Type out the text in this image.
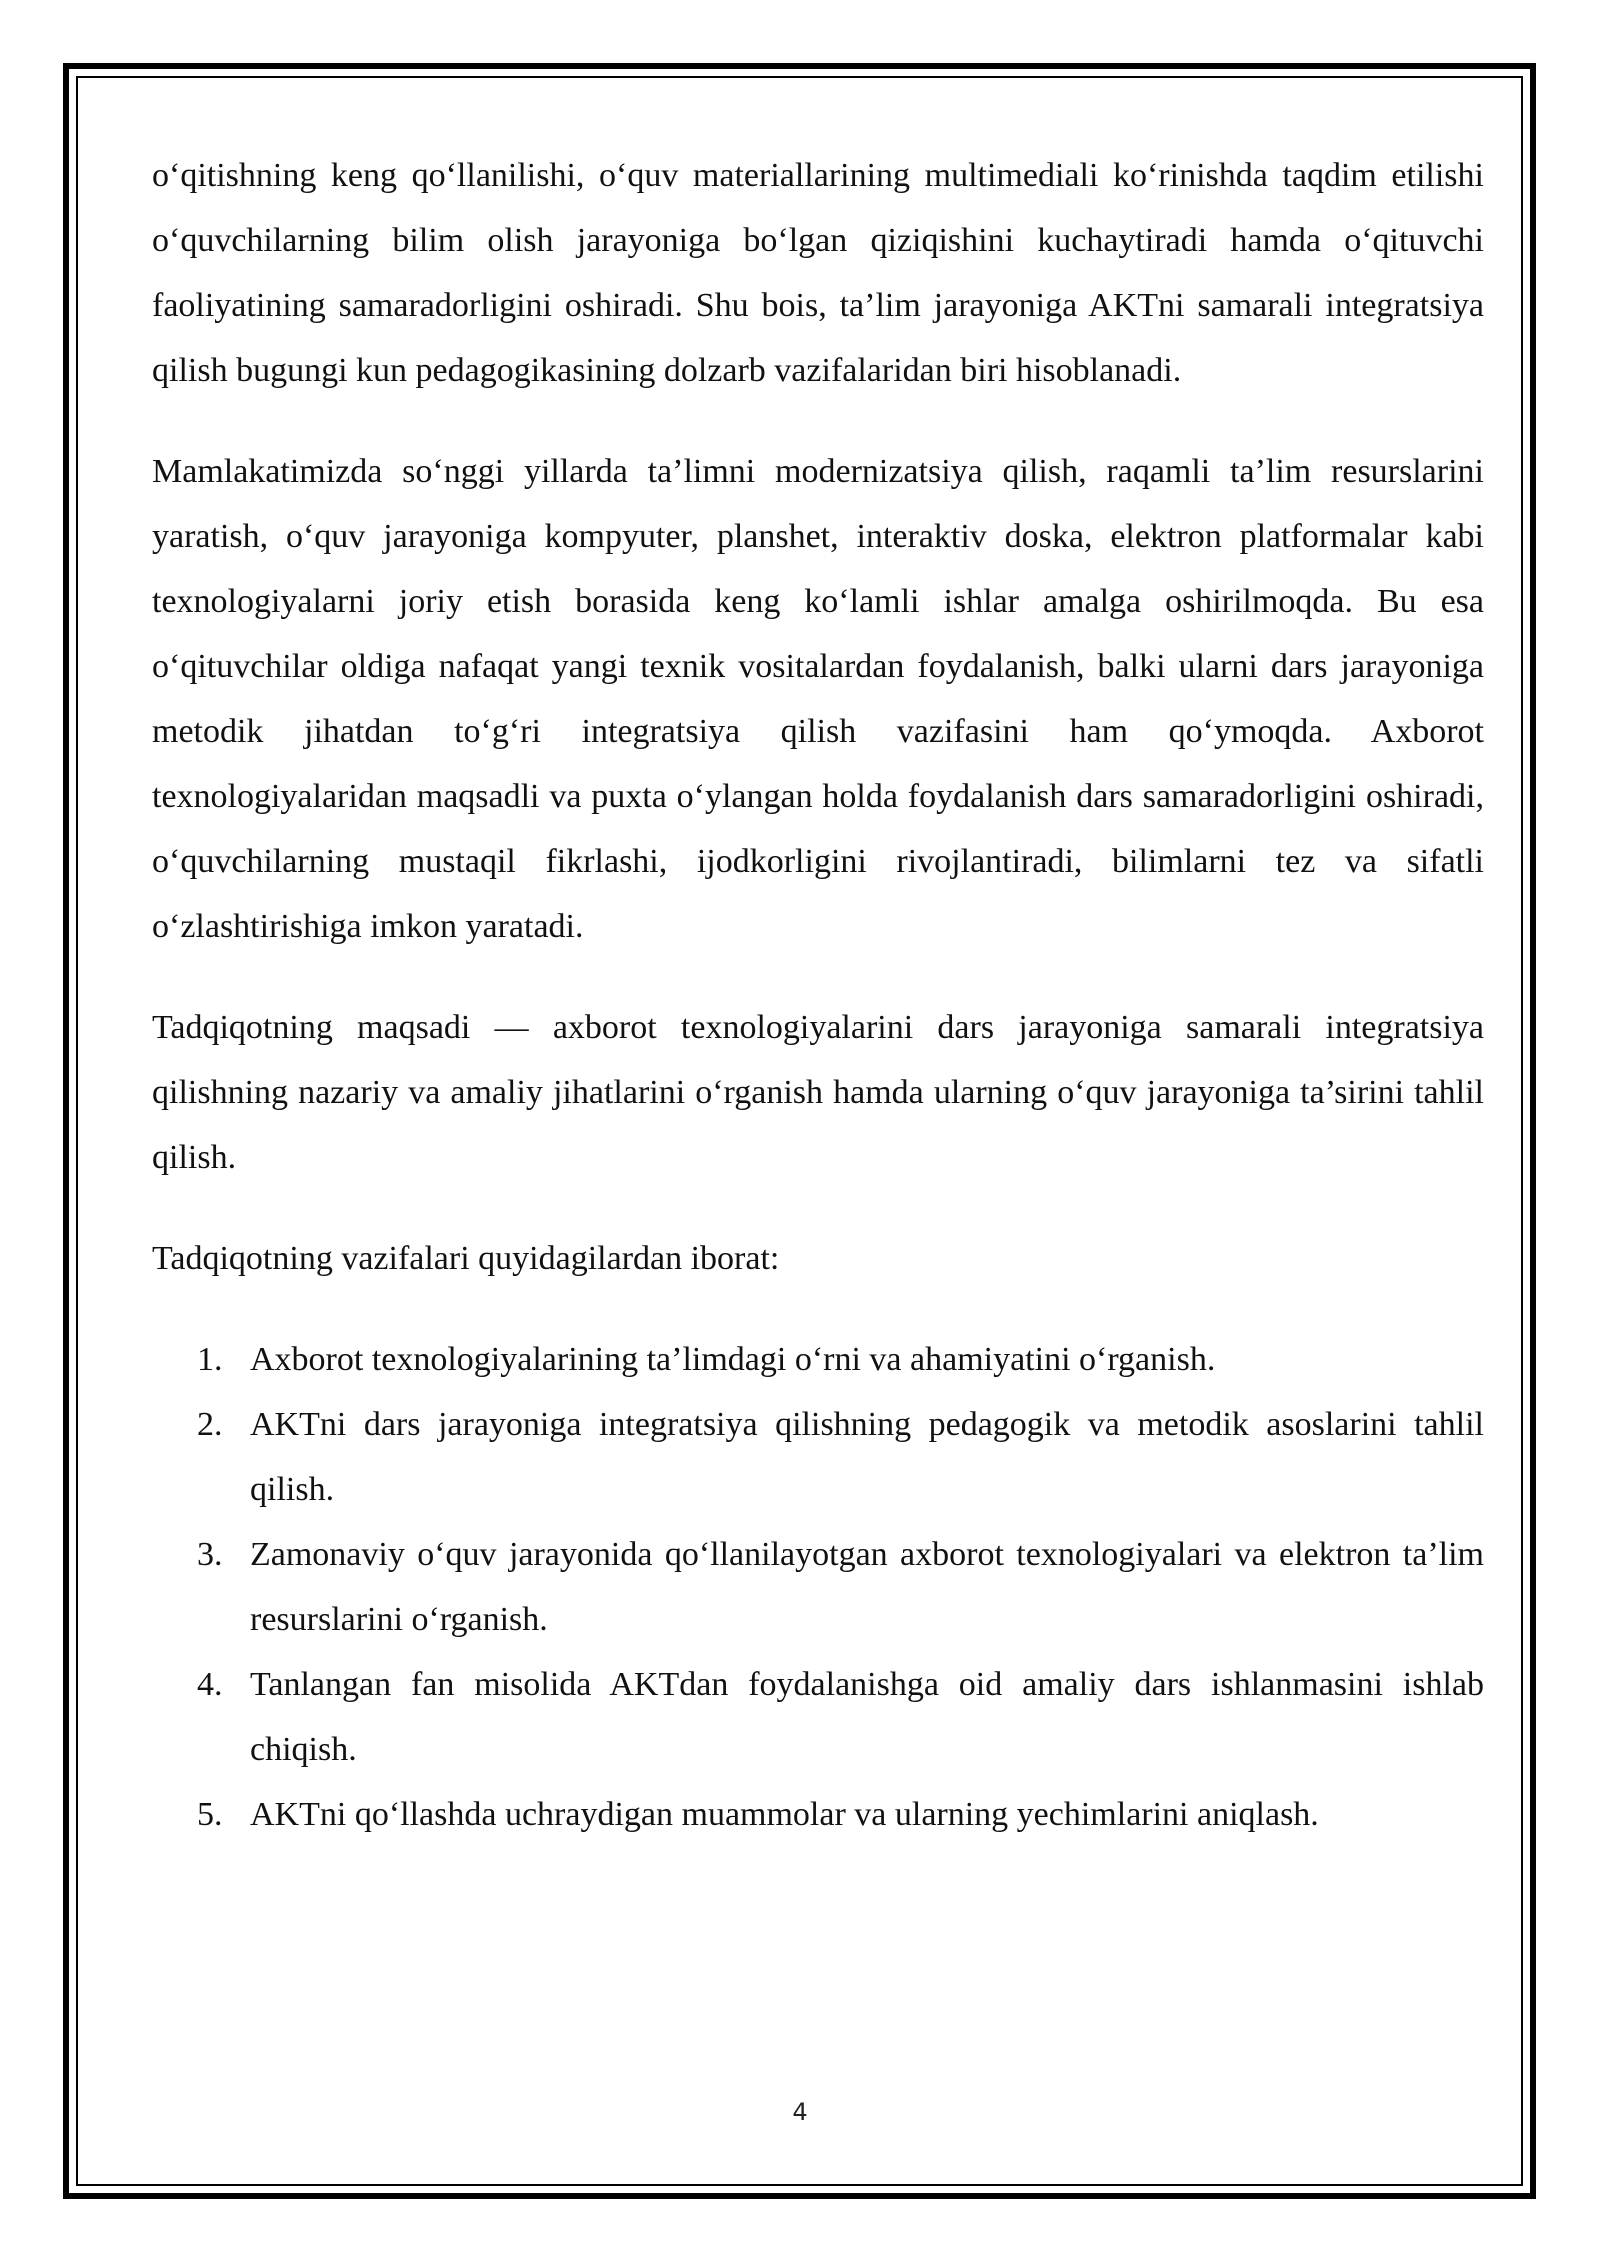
o‘qitishning keng qo‘llanilishi, o‘quv materiallarining multimediali ko‘rinishda taqdim etilishi o‘quvchilarning bilim olish jarayoniga bo‘lgan qiziqishini kuchaytiradi hamda o‘qituvchi faoliyatining samaradorligini oshiradi. Shu bois, ta’lim jarayoniga AKTni samarali integratsiya qilish bugungi kun pedagogikasining dolzarb vazifalaridan biri hisoblanadi.

Mamlakatimizda so‘nggi yillarda ta’limni modernizatsiya qilish, raqamli ta’lim resurslarini yaratish, o‘quv jarayoniga kompyuter, planshet, interaktiv doska, elektron platformalar kabi texnologiyalarni joriy etish borasida keng ko‘lamli ishlar amalga oshirilmoqda. Bu esa o‘qituvchilar oldiga nafaqat yangi texnik vositalardan foydalanish, balki ularni dars jarayoniga metodik jihatdan to‘g‘ri integratsiya qilish vazifasini ham qo‘ymoqda. Axborot texnologiyalaridan maqsadli va puxta o‘ylangan holda foydalanish dars samaradorligini oshiradi, o‘quvchilarning mustaqil fikrlashi, ijodkorligini rivojlantiradi, bilimlarni tez va sifatli o‘zlashtirishiga imkon yaratadi.

Tadqiqotning maqsadi — axborot texnologiyalarini dars jarayoniga samarali integratsiya qilishning nazariy va amaliy jihatlarini o‘rganish hamda ularning o‘quv jarayoniga ta’sirini tahlil qilish.

Tadqiqotning vazifalari quyidagilardan iborat:

1. Axborot texnologiyalarining ta’limdagi o‘rni va ahamiyatini o‘rganish.
2. AKTni dars jarayoniga integratsiya qilishning pedagogik va metodik asoslarini tahlil qilish.
3. Zamonaviy o‘quv jarayonida qo‘llanilayotgan axborot texnologiyalari va elektron ta’lim resurslarini o‘rganish.
4. Tanlangan fan misolida AKTdan foydalanishga oid amaliy dars ishlanmasini ishlab chiqish.
5. AKTni qo‘llashda uchraydigan muammolar va ularning yechimlarini aniqlash.
4
